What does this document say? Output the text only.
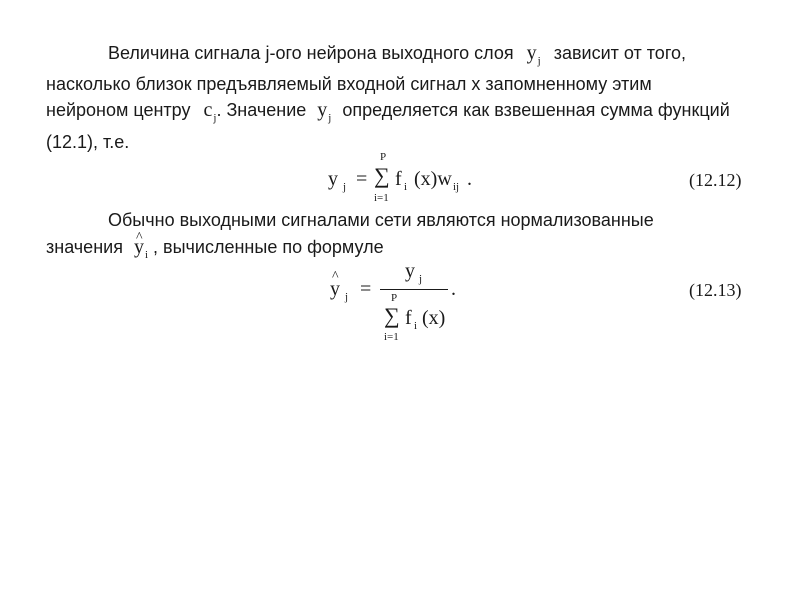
Величина сигнала j-ого нейрона выходного слоя $y_j$ зависит от того,
насколько близок предъявляемый входной сигнал x запомненному этим
нейроном центру $c_j$. Значение $y_j$ определяется как взвешенная сумма функций
(12.1), т.е.
y j =
P
∑
i=1
f i (x)w ij .	(12.12)
Обычно выходными сигналами сети являются нормализованные
значения ^ $y_i$ , вычисленные по формуле
^ y j =
y j
P
∑
i=1
f i (x)
.	(12.13)
